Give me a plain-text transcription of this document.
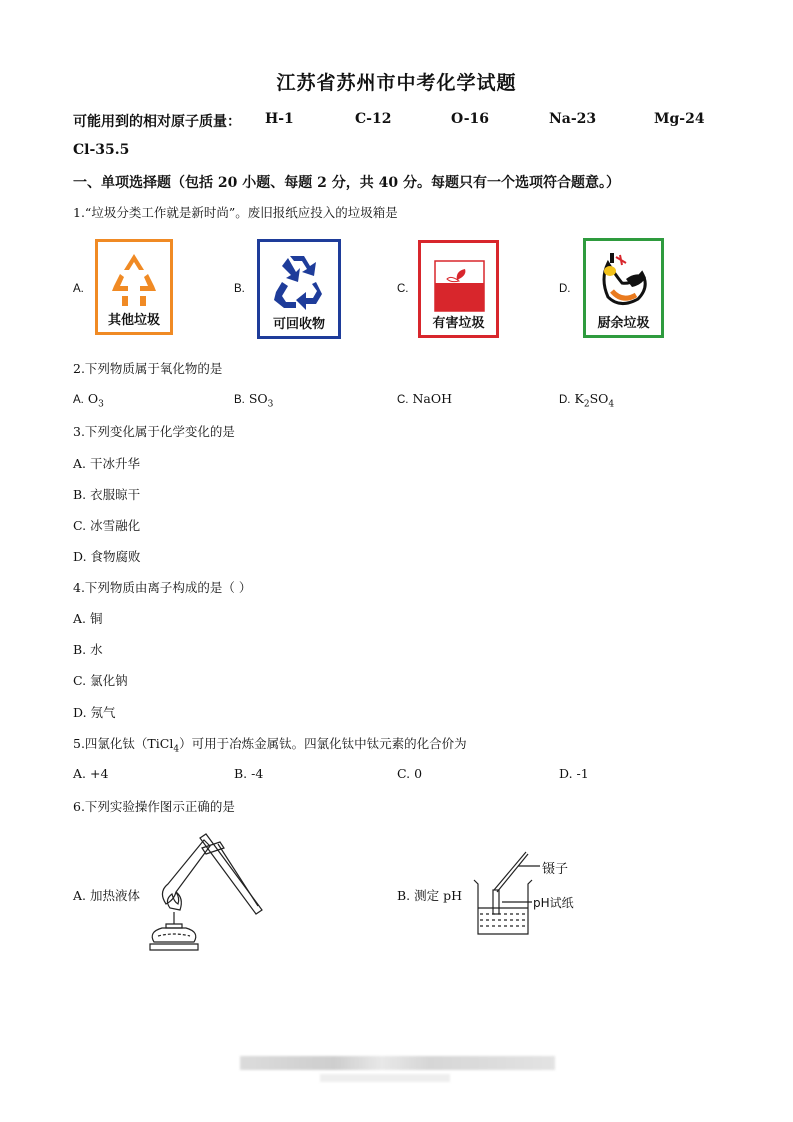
江苏省苏州市中考化学试题
可能用到的相对原子质量： H-1	C-12	O-16	Na-23	Mg-24
Cl-35.5
一、单项选择题（包括 20 小题、每题 2 分，共 40 分。每题只有一个选项符合题意。）
1.“垃圾分类工作就是新时尚”。废旧报纸应投入的垃圾箱是
A.
其他垃圾
B.
可回收物
C.
有害垃圾
D.
厨余垃圾
2.下列物质属于氧化物的是
A. $O_3$	B. $SO_3$	C. NaOH	D. $K_2SO_4$
3.下列变化属于化学变化的是
A. 干冰升华
B. 衣服晾干
C. 冰雪融化
D. 食物腐败
4.下列物质由离子构成的是（ ）
A. 铜
B. 水
C. 氯化钠
D. 氖气
5.四氯化钛（TiCl$_4$）可用于冶炼金属钛。四氯化钛中钛元素的化合价为
A. +4	B. -4	C. 0	D. -1
6.下列实验操作图示正确的是
A. 加热液体	B. 测定 pH
镊子
pH试纸
